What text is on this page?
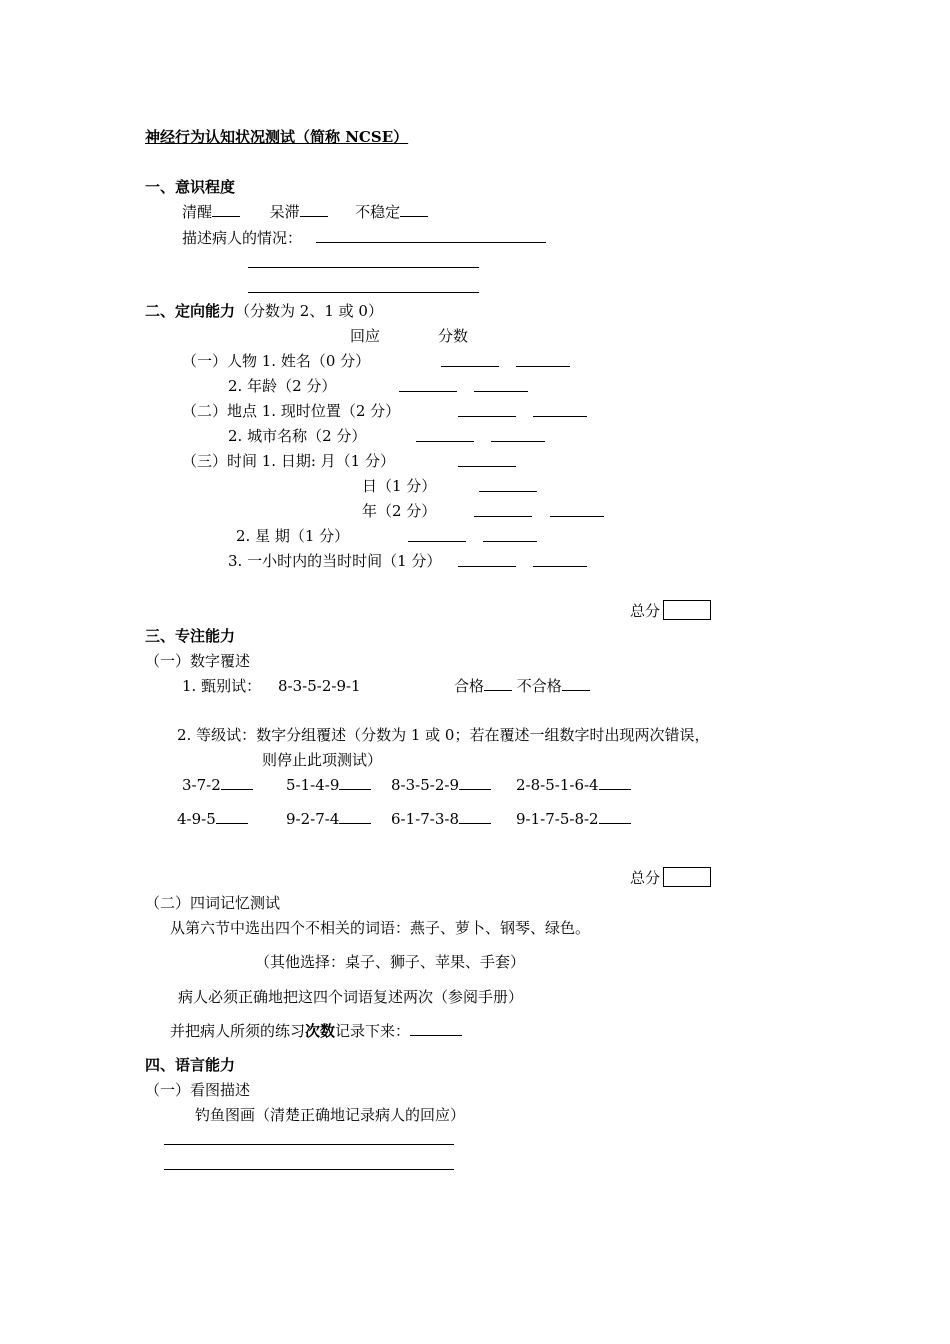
神经行为认知状况测试（简称 NCSE）
一、意识程度
清醒	呆滞	不稳定
描述病人的情况：
二、定向能力（分数为 2、1 或 0）
回应	分数
（一）人物 1. 姓名（0 分）
2. 年龄（2 分）
（二）地点 1. 现时位置（2 分）
2. 城市名称（2 分）
（三）时间 1. 日期: 月（1 分）
日（1 分）
年（2 分）
2. 星 期（1 分）
3. 一小时内的当时时间（1 分）
总分
三、专注能力
（一）数字覆述
1. 甄别试： 8-3-5-2-9-1	合格 不合格
2. 等级试：数字分组覆述（分数为 1 或 0；若在覆述一组数字时出现两次错误，
则停止此项测试）
3-7-2	5-1-4-9	8-3-5-2-9	2-8-5-1-6-4
4-9-5	9-2-7-4	6-1-7-3-8	9-1-7-5-8-2
总分
（二）四词记忆测试
从第六节中选出四个不相关的词语：燕子、萝卜、钢琴、绿色。
（其他选择：桌子、狮子、苹果、手套）
病人必须正确地把这四个词语复述两次（参阅手册）
并把病人所须的练习次数记录下来：
四、语言能力
（一）看图描述
钓鱼图画（清楚正确地记录病人的回应）
